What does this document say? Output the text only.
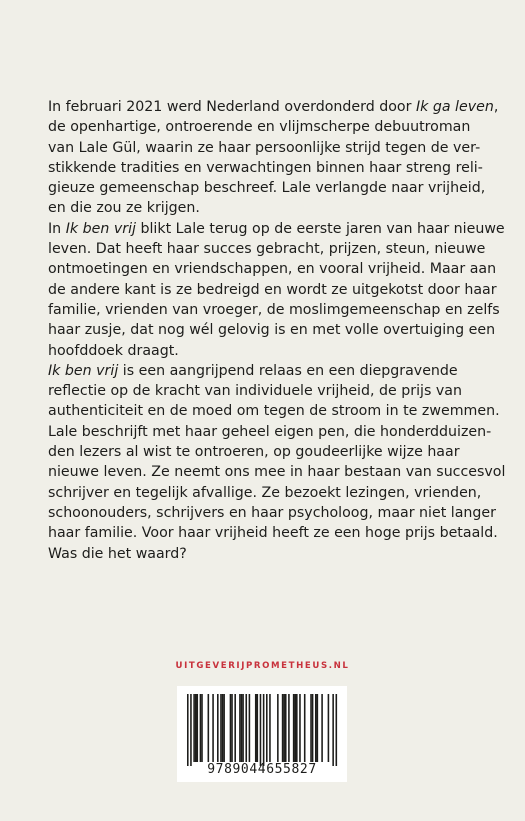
In februari 2021 werd Nederland overdonderd door Ik ga leven,

de openhartige, ontroerende en vlijmscherpe debuutroman

van Lale Gül, waarin ze haar persoonlijke strijd tegen de ver-

stikkende tradities en verwachtingen binnen haar streng reli-

gieuze gemeenschap beschreef. Lale verlangde naar vrijheid,

en die zou ze krijgen.

In Ik ben vrij blikt Lale terug op de eerste jaren van haar nieuwe

leven. Dat heeft haar succes gebracht, prijzen, steun, nieuwe

ontmoetingen en vriendschappen, en vooral vrijheid. Maar aan

de andere kant is ze bedreigd en wordt ze uitgekotst door haar

familie, vrienden van vroeger, de moslimgemeenschap en zelfs

haar zusje, dat nog wél gelovig is en met volle overtuiging een

hoofddoek draagt.

Ik ben vrij is een aangrijpend relaas en een diepgravende

reflectie op de kracht van individuele vrijheid, de prijs van

authenticiteit en de moed om tegen de stroom in te zwemmen.

Lale beschrijft met haar geheel eigen pen, die honderdduizen-

den lezers al wist te ontroeren, op goudeerlijke wijze haar

nieuwe leven. Ze neemt ons mee in haar bestaan van succesvol

schrijver en tegelijk afvallige. Ze bezoekt lezingen, vrienden,

schoonouders, schrijvers en haar psycholoog, maar niet langer

haar familie. Voor haar vrijheid heeft ze een hoge prijs betaald.

Was die het waard?

UITGEVERIJPROMETHEUS.NL
9789044655827
